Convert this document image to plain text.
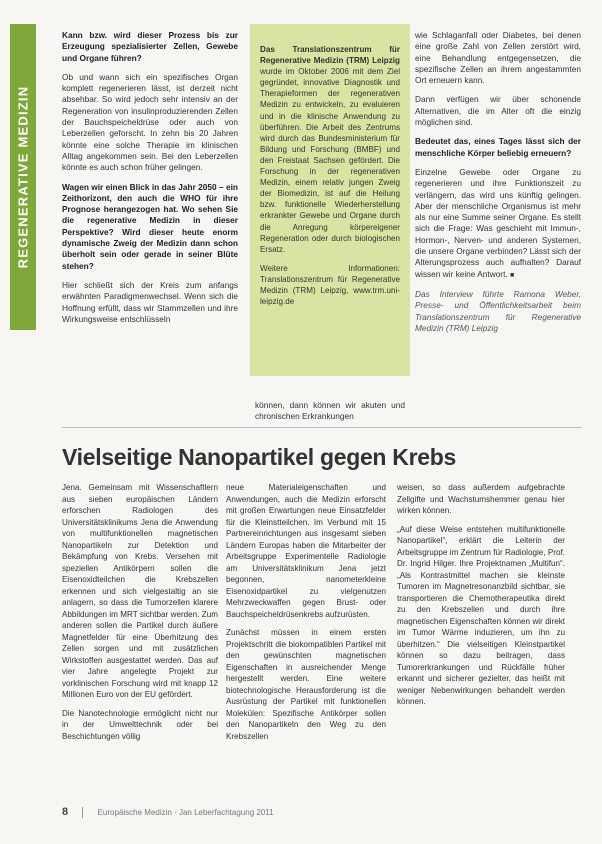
REGENERATIVE MEDIZIN

Kann bzw. wird dieser Prozess bis zur Erzeugung spezialisierter Zellen, Gewebe und Organe führen?

Ob und wann sich ein spezifisches Organ komplett regenerieren lässt, ist derzeit nicht absehbar. So wird jedoch sehr intensiv an der Regeneration von insulinproduzierenden Zellen der Bauchspeicheldrüse oder auch von Leberzellen geforscht. In zehn bis 20 Jahren könnte eine solche Therapie im klinischen Alltag angekommen sein. Bei den Leberzellen könnte es auch schon früher gelingen.

Wagen wir einen Blick in das Jahr 2050 – ein Zeithorizont, den auch die WHO für ihre Prognose herangezogen hat. Wo sehen Sie die regenerative Medizin in dieser Perspektive? Wird dieser heute enorm dynamische Zweig der Medizin dann schon überholt sein oder gerade in seiner Blüte stehen?

Hier schließt sich der Kreis zum anfangs erwähnten Paradigmenwechsel. Wenn sich die Hoffnung erfüllt, dass wir Stammzellen und ihre Wirkungsweise entschlüsseln

Das Translationszentrum für Regenerative Medizin (TRM) Leipzig wurde im Oktober 2006 mit dem Ziel gegründet, innovative Diagnostik und Therapieformen der regenerativen Medizin zu entwickeln, zu evaluieren und in die klinische Anwendung zu überführen. Die Arbeit des Zentrums wird durch das Bundesministerium für Bildung und Forschung (BMBF) und den Freistaat Sachsen gefördert. Die Forschung in der regenerativen Medizin, einem relativ jungen Zweig der Biomedizin, ist auf die Heilung bzw. funktionelle Wiederherstellung erkrankter Gewebe und Organe durch die Anregung körpereigener Regeneration oder durch biologischen Ersatz.

Weitere Informationen: Translationszentrum für Regenerative Medizin (TRM) Leipzig, www.trm.uni-leipzig.de

können, dann können wir akuten und chronischen Erkrankungen

wie Schlaganfall oder Diabetes, bei denen eine große Zahl von Zellen zerstört wird, eine Behandlung entgegensetzen, die spezifische Zellen an ihrem angestammten Ort erneuern kann.

Dann verfügen wir über schonende Alternativen, die im Alter oft die einzig möglichen sind.

Bedeutet das, eines Tages lässt sich der menschliche Körper beliebig erneuern?

Einzelne Gewebe oder Organe zu regenerieren und ihre Funktionszeit zu verlängern, das wird uns künftig gelingen. Aber der menschliche Organismus ist mehr als nur eine Summe seiner Organe. Es stellt sich die Frage: Was geschieht mit Immun-, Hormon-, Nerven- und anderen Systemen, die unsere Organe verbinden? Lässt sich der Alterungsprozess auch aufhalten? Darauf wissen wir keine Antwort. ■

Das Interview führte Ramona Weber, Presse- und Öffentlichkeitsarbeit beim Translationszentrum für Regenerative Medizin (TRM) Leipzig

Vielseitige Nanopartikel gegen Krebs

Jena. Gemeinsam mit Wissenschaftlern aus sieben europäischen Ländern erforschen Radiologen des Universitätsklinikums Jena die Anwendung von multifunktionellen magnetischen Nanopartikeln zur Detektion und Bekämpfung von Krebs. Versehen mit speziellen Antikörpern sollen die Eisenoxidteilchen die Krebszellen erkennen und sich vielgestaltig an sie anlagern, so dass die Tumorzellen klarere Abbildungen im MRT sichtbar werden. Zum anderen sollen die Partikel durch äußere Magnetfelder für eine Überhitzung des Zellen sorgen und mit zusätzlichen Wirkstoffen ausgestattet werden. Das auf vier Jahre angelegte Projekt zur vorklinischen Forschung wird mit knapp 12 Millionen Euro von der EU gefördert.

Die Nanotechnologie ermöglicht nicht nur in der Umwelttechnik oder bei Beschichtungen völlig

neue Materialeigenschaften und Anwendungen, auch die Medizin erforscht mit großen Erwartungen neue Einsatzfelder für die Kleinstteilchen. Im Verbund mit 15 Partnereinrichtungen aus insgesamt sieben Ländern Europas haben die Mitarbeiter der Arbeitsgruppe Experimentelle Radiologie am Universitätsklinikum Jena jetzt begonnen, nanometerkleine Eisenoxidpartikel zu vielgenutzen Mehrzweckwaffen gegen Brust- oder Bauchspeicheldrüsenkrebs aufzurüsten.

Zunächst müssen in einem ersten Projektschritt die biokompatiblen Partikel mit den gewünschten magnetischen Eigenschaften in ausreichender Menge hergestellt werden. Eine weitere biotechnologische Herausforderung ist die Ausrüstung der Partikel mit funktionellen Molekülen: Spezifische Antikörper sollen den Nanopartikeln den Weg zu den Krebszellen

weisen, so dass außerdem aufgebrachte Zellgifte und Wachstumshemmer genau hier wirken können.

„Auf diese Weise entstehen multifunktionelle Nanopartikel“, erklärt die Leiterin der Arbeitsgruppe im Zentrum für Radiologie, Prof. Dr. Ingrid Hilger. Ihre Projektnamen „Multifun“. „Als Kontrastmittel machen sie kleinste Tumoren im Magnetresonanzbild sichtbar, sie transportieren die Chemotherapeutika direkt zu den Krebszellen und durch ihre magnetischen Eigenschaften können wir direkt im Tumor Wärme induzieren, um ihn zu überhitzen.“ Die vielseitigen Kleinstpartikel können so dazu beitragen, dass Tumorerkrankungen und Rückfälle früher erkannt und sicherer gezielter, das heißt mit weniger Nebenwirkungen behandelt werden können.

8	Europäische Medizin · Jan Leberfachtagung 2011
